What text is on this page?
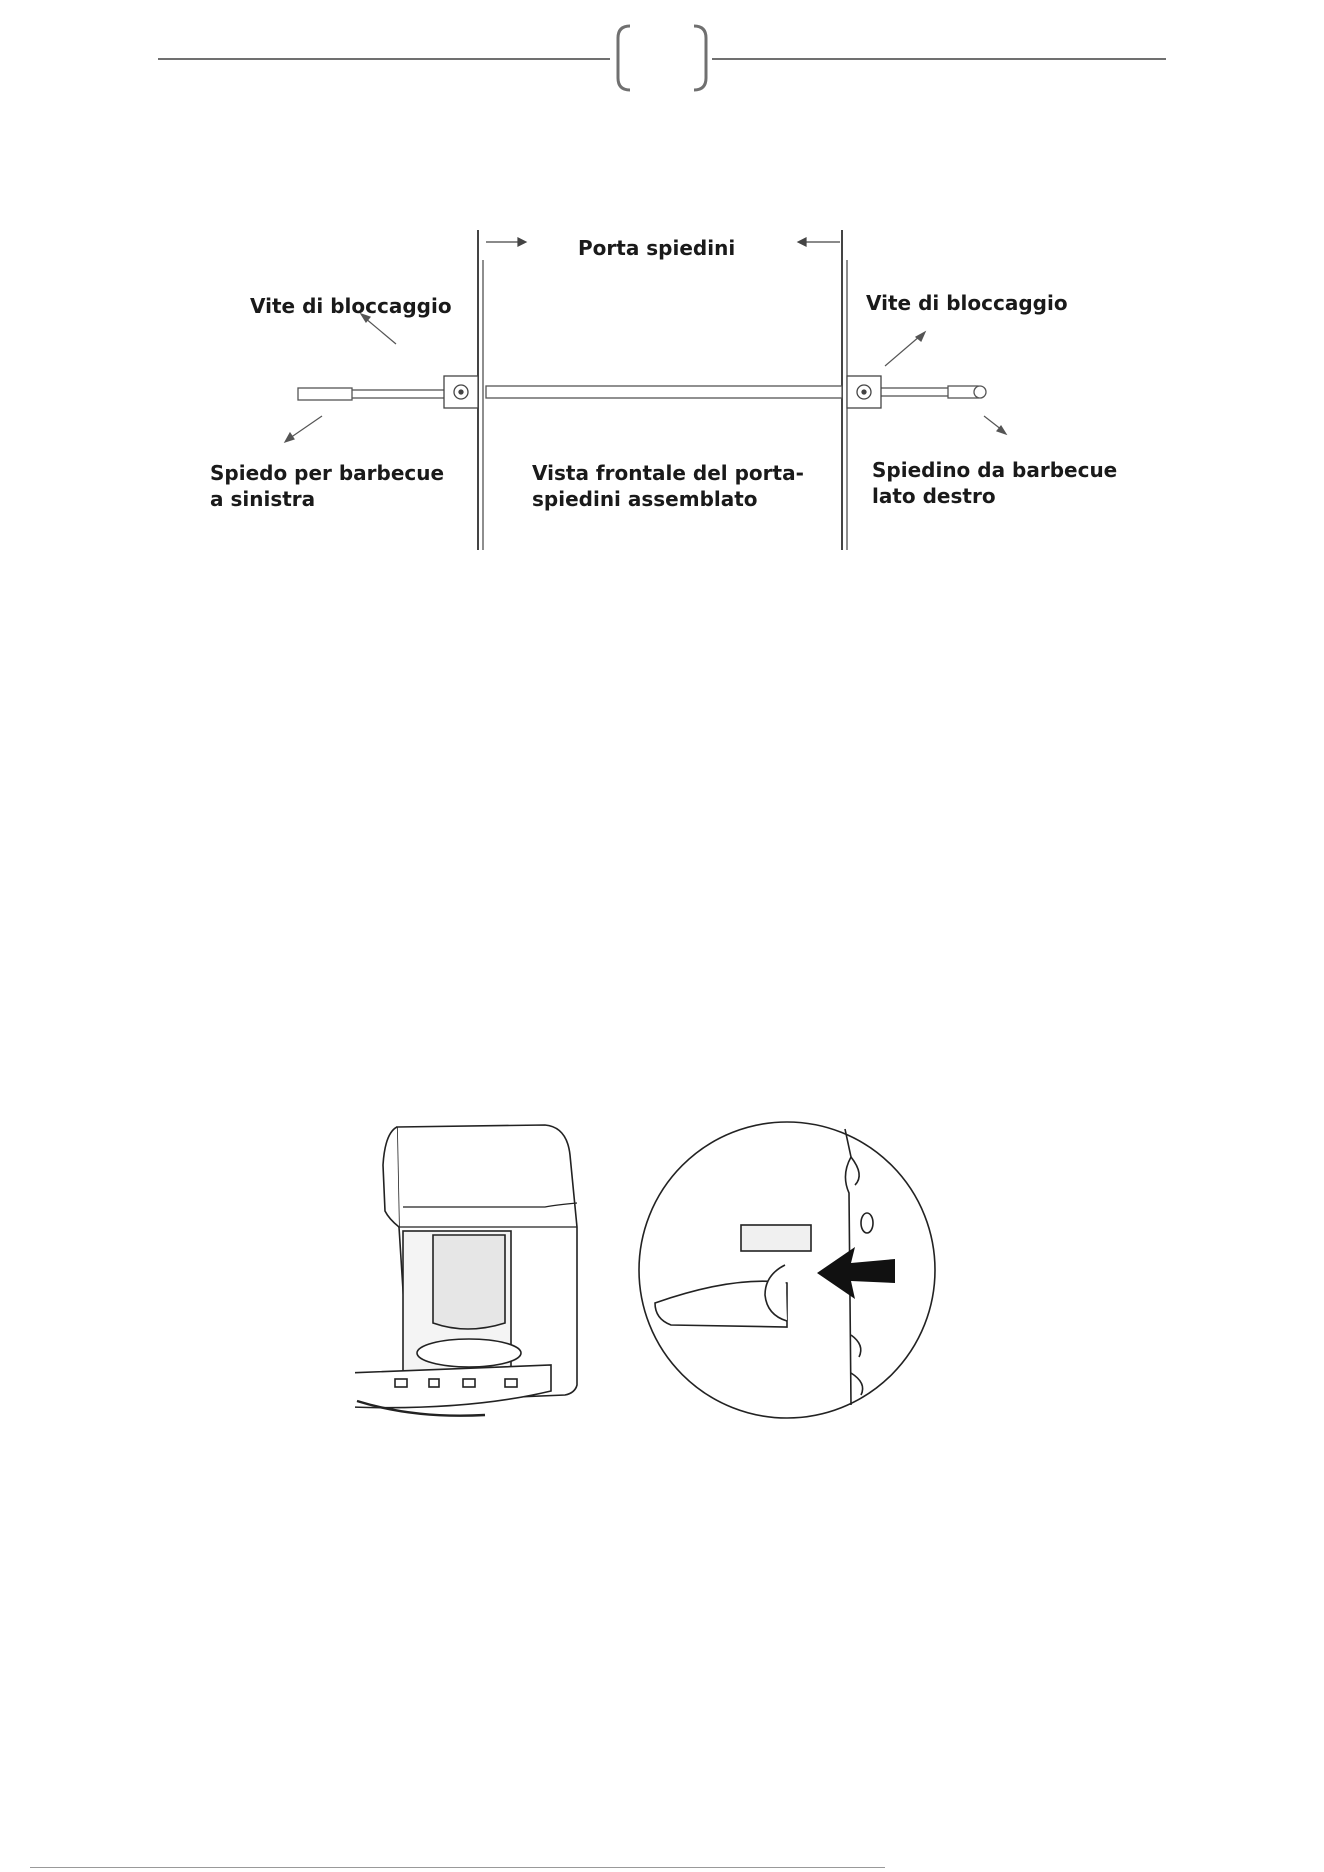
Porta spiedini
Vite di bloccaggio	Vite di bloccaggio
Spiedo per barbecue
a sinistra
Vista frontale del porta-
spiedini assemblato
Spiedino da barbecue
lato destro
